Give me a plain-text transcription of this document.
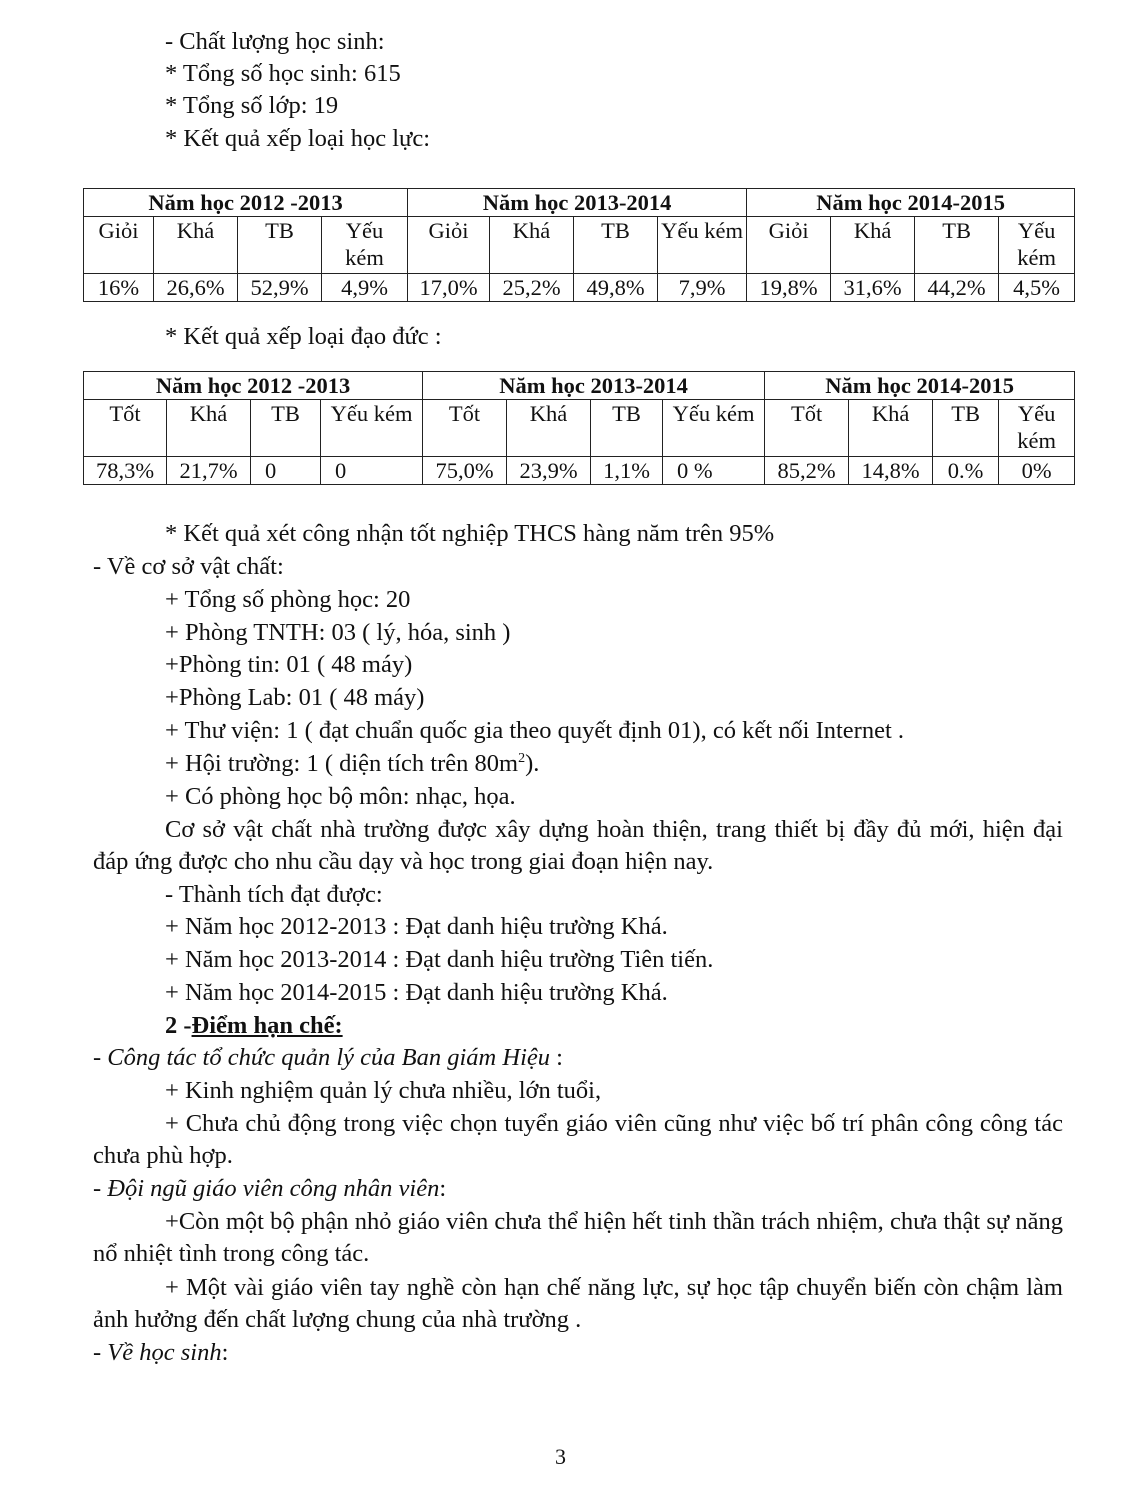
- Chất lượng học sinh:
* Tổng số học sinh: 615
* Tổng số lớp: 19
* Kết quả xếp loại học lực:
Năm học 2012 -2013				Năm học 2013-2014				Năm học 2014-2015			
Giỏi	Khá	TB	Yếu kém	Giỏi	Khá	TB	Yếu kém	Giỏi	Khá	TB	Yếu kém
16%	26,6%	52,9%	4,9%	17,0%	25,2%	49,8%	7,9%	19,8%	31,6%	44,2%	4,5%
* Kết quả xếp loại đạo đức :
Năm học 2012 -2013				Năm học 2013-2014				Năm học 2014-2015			
Tốt	Khá	TB	Yếu kém	Tốt	Khá	TB	Yếu kém	Tốt	Khá	TB	Yếu kém
78,3%	21,7%	0	0	75,0%	23,9%	1,1%	0 %	85,2%	14,8%	0.%	0%
* Kết quả xét công nhận tốt nghiệp THCS hàng năm trên 95%
- Về cơ sở vật chất:
+ Tổng số phòng học: 20
+ Phòng TNTH: 03 ( lý, hóa, sinh )
+Phòng tin: 01 ( 48 máy)
+Phòng Lab: 01 ( 48 máy)
+ Thư viện: 1 ( đạt chuẩn quốc gia theo quyết định 01), có kết nối Internet .
+ Hội trường: 1 ( diện tích trên $80m^2$).
+ Có phòng học bộ môn: nhạc, họa.
Cơ sở vật chất nhà trường được xây dựng hoàn thiện, trang thiết bị đầy đủ mới, hiện đại đáp ứng được cho nhu cầu dạy và học trong giai đoạn hiện nay.
- Thành tích đạt được:
+ Năm học 2012-2013 : Đạt danh hiệu trường Khá.
+ Năm học 2013-2014 : Đạt danh hiệu trường Tiên tiến.
+ Năm học 2014-2015 : Đạt danh hiệu trường Khá.
2 -Điểm hạn chế:
- Công tác tổ chức quản lý của Ban giám Hiệu :
+ Kinh nghiệm quản lý chưa nhiều, lớn tuổi,
+ Chưa chủ động trong việc chọn tuyển giáo viên cũng như việc bố trí phân công công tác chưa phù hợp.
- Đội ngũ giáo viên công nhân viên:
+Còn một bộ phận nhỏ giáo viên chưa thể hiện hết tinh thần trách nhiệm, chưa thật sự năng nổ nhiệt tình trong công tác.
+ Một vài giáo viên tay nghề còn hạn chế năng lực, sự học tập chuyển biến còn chậm làm ảnh hưởng đến chất lượng chung của nhà trường .
- Về học sinh:
3
